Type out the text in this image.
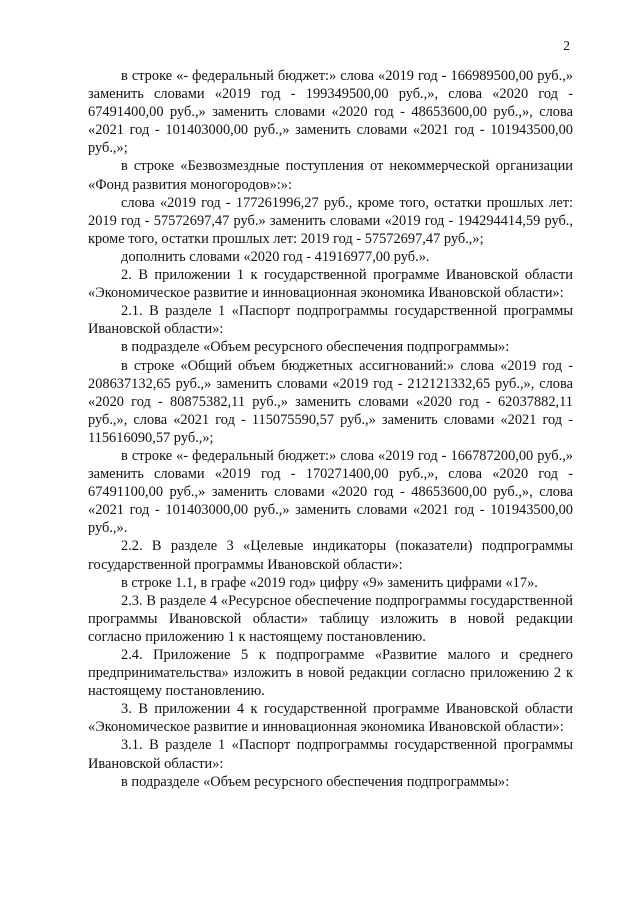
2

в строке «- федеральный бюджет:» слова «2019 год - 166989500,00 руб.,» заменить словами «2019 год - 199349500,00 руб.,», слова «2020 год - 67491400,00 руб.,» заменить словами «2020 год - 48653600,00 руб.,», слова «2021 год - 101403000,00 руб.,» заменить словами «2021 год - 101943500,00 руб.,»;

в строке «Безвозмездные поступления от некоммерческой организации «Фонд развития моногородов»:»:

слова «2019 год - 177261996,27 руб., кроме того, остатки прошлых лет: 2019 год - 57572697,47 руб.» заменить словами «2019 год - 194294414,59 руб., кроме того, остатки прошлых лет: 2019 год - 57572697,47 руб.,»;

дополнить словами «2020 год - 41916977,00 руб.».

2. В приложении 1 к государственной программе Ивановской области «Экономическое развитие и инновационная экономика Ивановской области»:

2.1. В разделе 1 «Паспорт подпрограммы государственной программы Ивановской области»:

в подразделе «Объем ресурсного обеспечения подпрограммы»:

в строке «Общий объем бюджетных ассигнований:» слова «2019 год - 208637132,65 руб.,» заменить словами «2019 год - 212121332,65 руб.,», слова «2020 год - 80875382,11 руб.,» заменить словами «2020 год - 62037882,11 руб.,», слова «2021 год - 115075590,57 руб.,» заменить словами «2021 год - 115616090,57 руб.,»;

в строке «- федеральный бюджет:» слова «2019 год - 166787200,00 руб.,» заменить словами «2019 год - 170271400,00 руб.,», слова «2020 год - 67491100,00 руб.,» заменить словами «2020 год - 48653600,00 руб.,», слова «2021 год - 101403000,00 руб.,» заменить словами «2021 год - 101943500,00 руб.,».

2.2. В разделе 3 «Целевые индикаторы (показатели) подпрограммы государственной программы Ивановской области»:

в строке 1.1, в графе «2019 год» цифру «9» заменить цифрами «17».

2.3. В разделе 4 «Ресурсное обеспечение подпрограммы государственной программы Ивановской области» таблицу изложить в новой редакции согласно приложению 1 к настоящему постановлению.

2.4. Приложение 5 к подпрограмме «Развитие малого и среднего предпринимательства» изложить в новой редакции согласно приложению 2 к настоящему постановлению.

3. В приложении 4 к государственной программе Ивановской области «Экономическое развитие и инновационная экономика Ивановской области»:

3.1. В разделе 1 «Паспорт подпрограммы государственной программы Ивановской области»:

в подразделе «Объем ресурсного обеспечения подпрограммы»:
